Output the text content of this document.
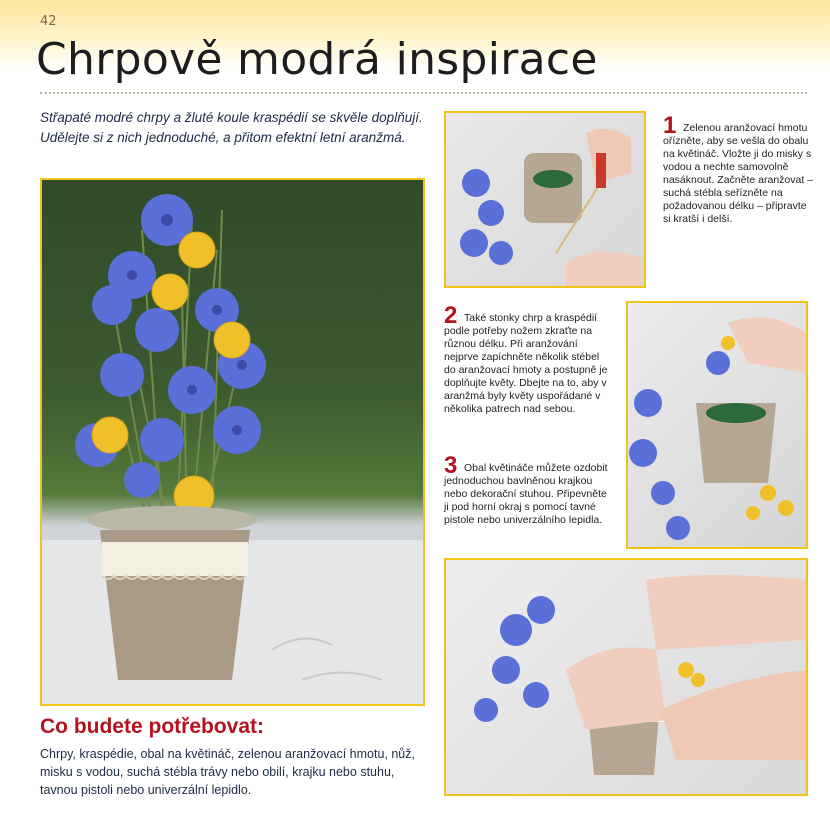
42
Chrpově modrá inspirace
Střapaté modré chrpy a žluté koule kraspédií se skvěle doplňují. Udělejte si z nich jednoduché, a přitom efektní letní aranžmá.	1 Zelenou aranžovací hmotu ořízněte, aby se vešla do obalu na květináč. Vložte ji do misky s vodou a nechte samovolně nasáknout. Začněte aranžovat – suchá stébla seřízněte na požadovanou délku – připravte si kratší i delší.
2 Také stonky chrp a kraspédií podle potřeby nožem zkraťte na různou délku. Při aranžování nejprve zapíchněte několik stébel do aranžovací hmoty a postupně je doplňujte květy. Dbejte na to, aby v aranžmá byly květy uspořádané v několika patrech nad sebou.
3 Obal květináče můžete ozdobit jednoduchou bavlněnou krajkou nebo dekorační stuhou. Připevněte ji pod horní okraj s pomocí tavné pistole nebo univerzálního lepidla.
Co budete potřebovat:
Chrpy, kraspédie, obal na květináč, zelenou aranžovací hmotu, nůž, misku s vodou, suchá stébla trávy nebo obilí, krajku nebo stuhu, tavnou pistoli nebo univerzální lepidlo.
